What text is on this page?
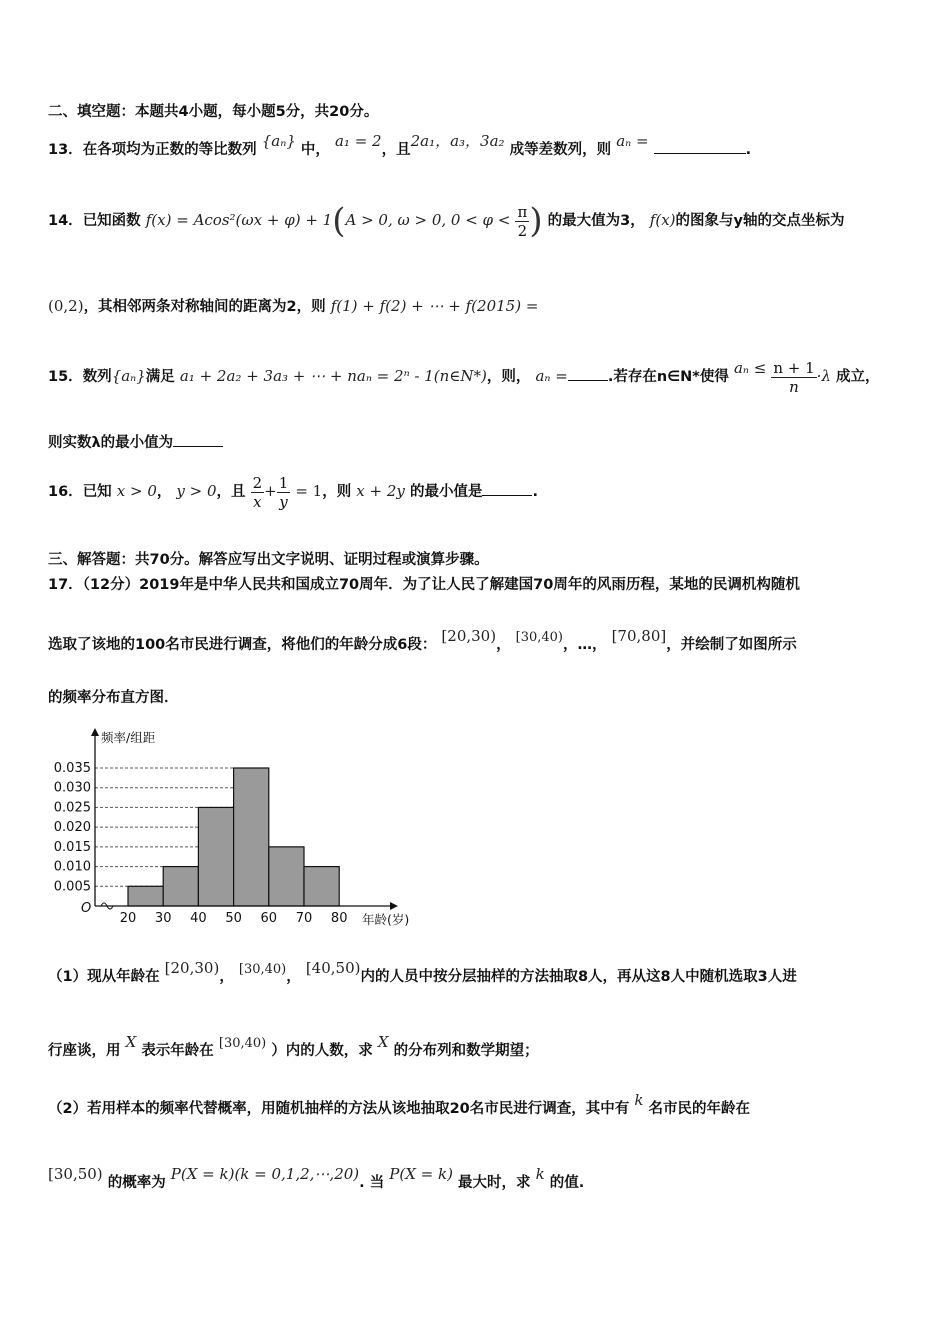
二、填空题：本题共4小题，每小题5分，共20分。
13．在各项均为正数的等比数列 {aₙ} 中， a₁ = 2，且2a₁，a₃，3a₂ 成等差数列，则 aₙ =	.
14．已知函数 f(x) = Acos²(ωx + φ) + 1(A > 0, ω > 0, $0 < \varphi < \frac{\pi}{2}$ ) 的最大值为3， f(x)的图象与y轴的交点坐标为
(0,2)，其相邻两条对称轴间的距离为2，则 f(1) + f(2) + ⋯ + f(2015) =
15．数列{aₙ}满足 a₁ + 2a₂ + 3a₃ + ⋯ + naₙ = 2ⁿ - 1(n∈N*)，则， aₙ =	.若存在n∈N*使得 $a_n \le \frac{n + 1}{n} \cdot\lambda$ 成立，
则实数λ的最小值为
16．已知 x > 0， y > 0，且 $\frac{2}{x} + \frac{1}{y} = 1$，则 x + 2y 的最小值是	.
三、解答题：共70分。解答应写出文字说明、证明过程或演算步骤。
17．（12分）2019年是中华人民共和国成立70周年．为了让人民了解建国70周年的风雨历程，某地的民调机构随机
选取了该地的100名市民进行调查，将他们的年龄分成6段： [20,30)， [30,40)，…， [70,80]，并绘制了如图所示
的频率分布直方图．
0.035
0.030
0.025
0.020
0.015
0.010
0.005
20 30 40 50 60 70 80
O
频率/组距
年龄(岁)
（1）现从年龄在 [20,30)， [30,40)， [40,50)内的人员中按分层抽样的方法抽取8人，再从这8人中随机选取3人进
行座谈，用 X 表示年龄在 [30,40) ）内的人数，求 X 的分布列和数学期望；
（2）若用样本的频率代替概率，用随机抽样的方法从该地抽取20名市民进行调查，其中有 k 名市民的年龄在
[30,50) 的概率为 P(X = k)(k = 0,1,2,⋯,20). 当 P(X = k) 最大时，求 k 的值.
